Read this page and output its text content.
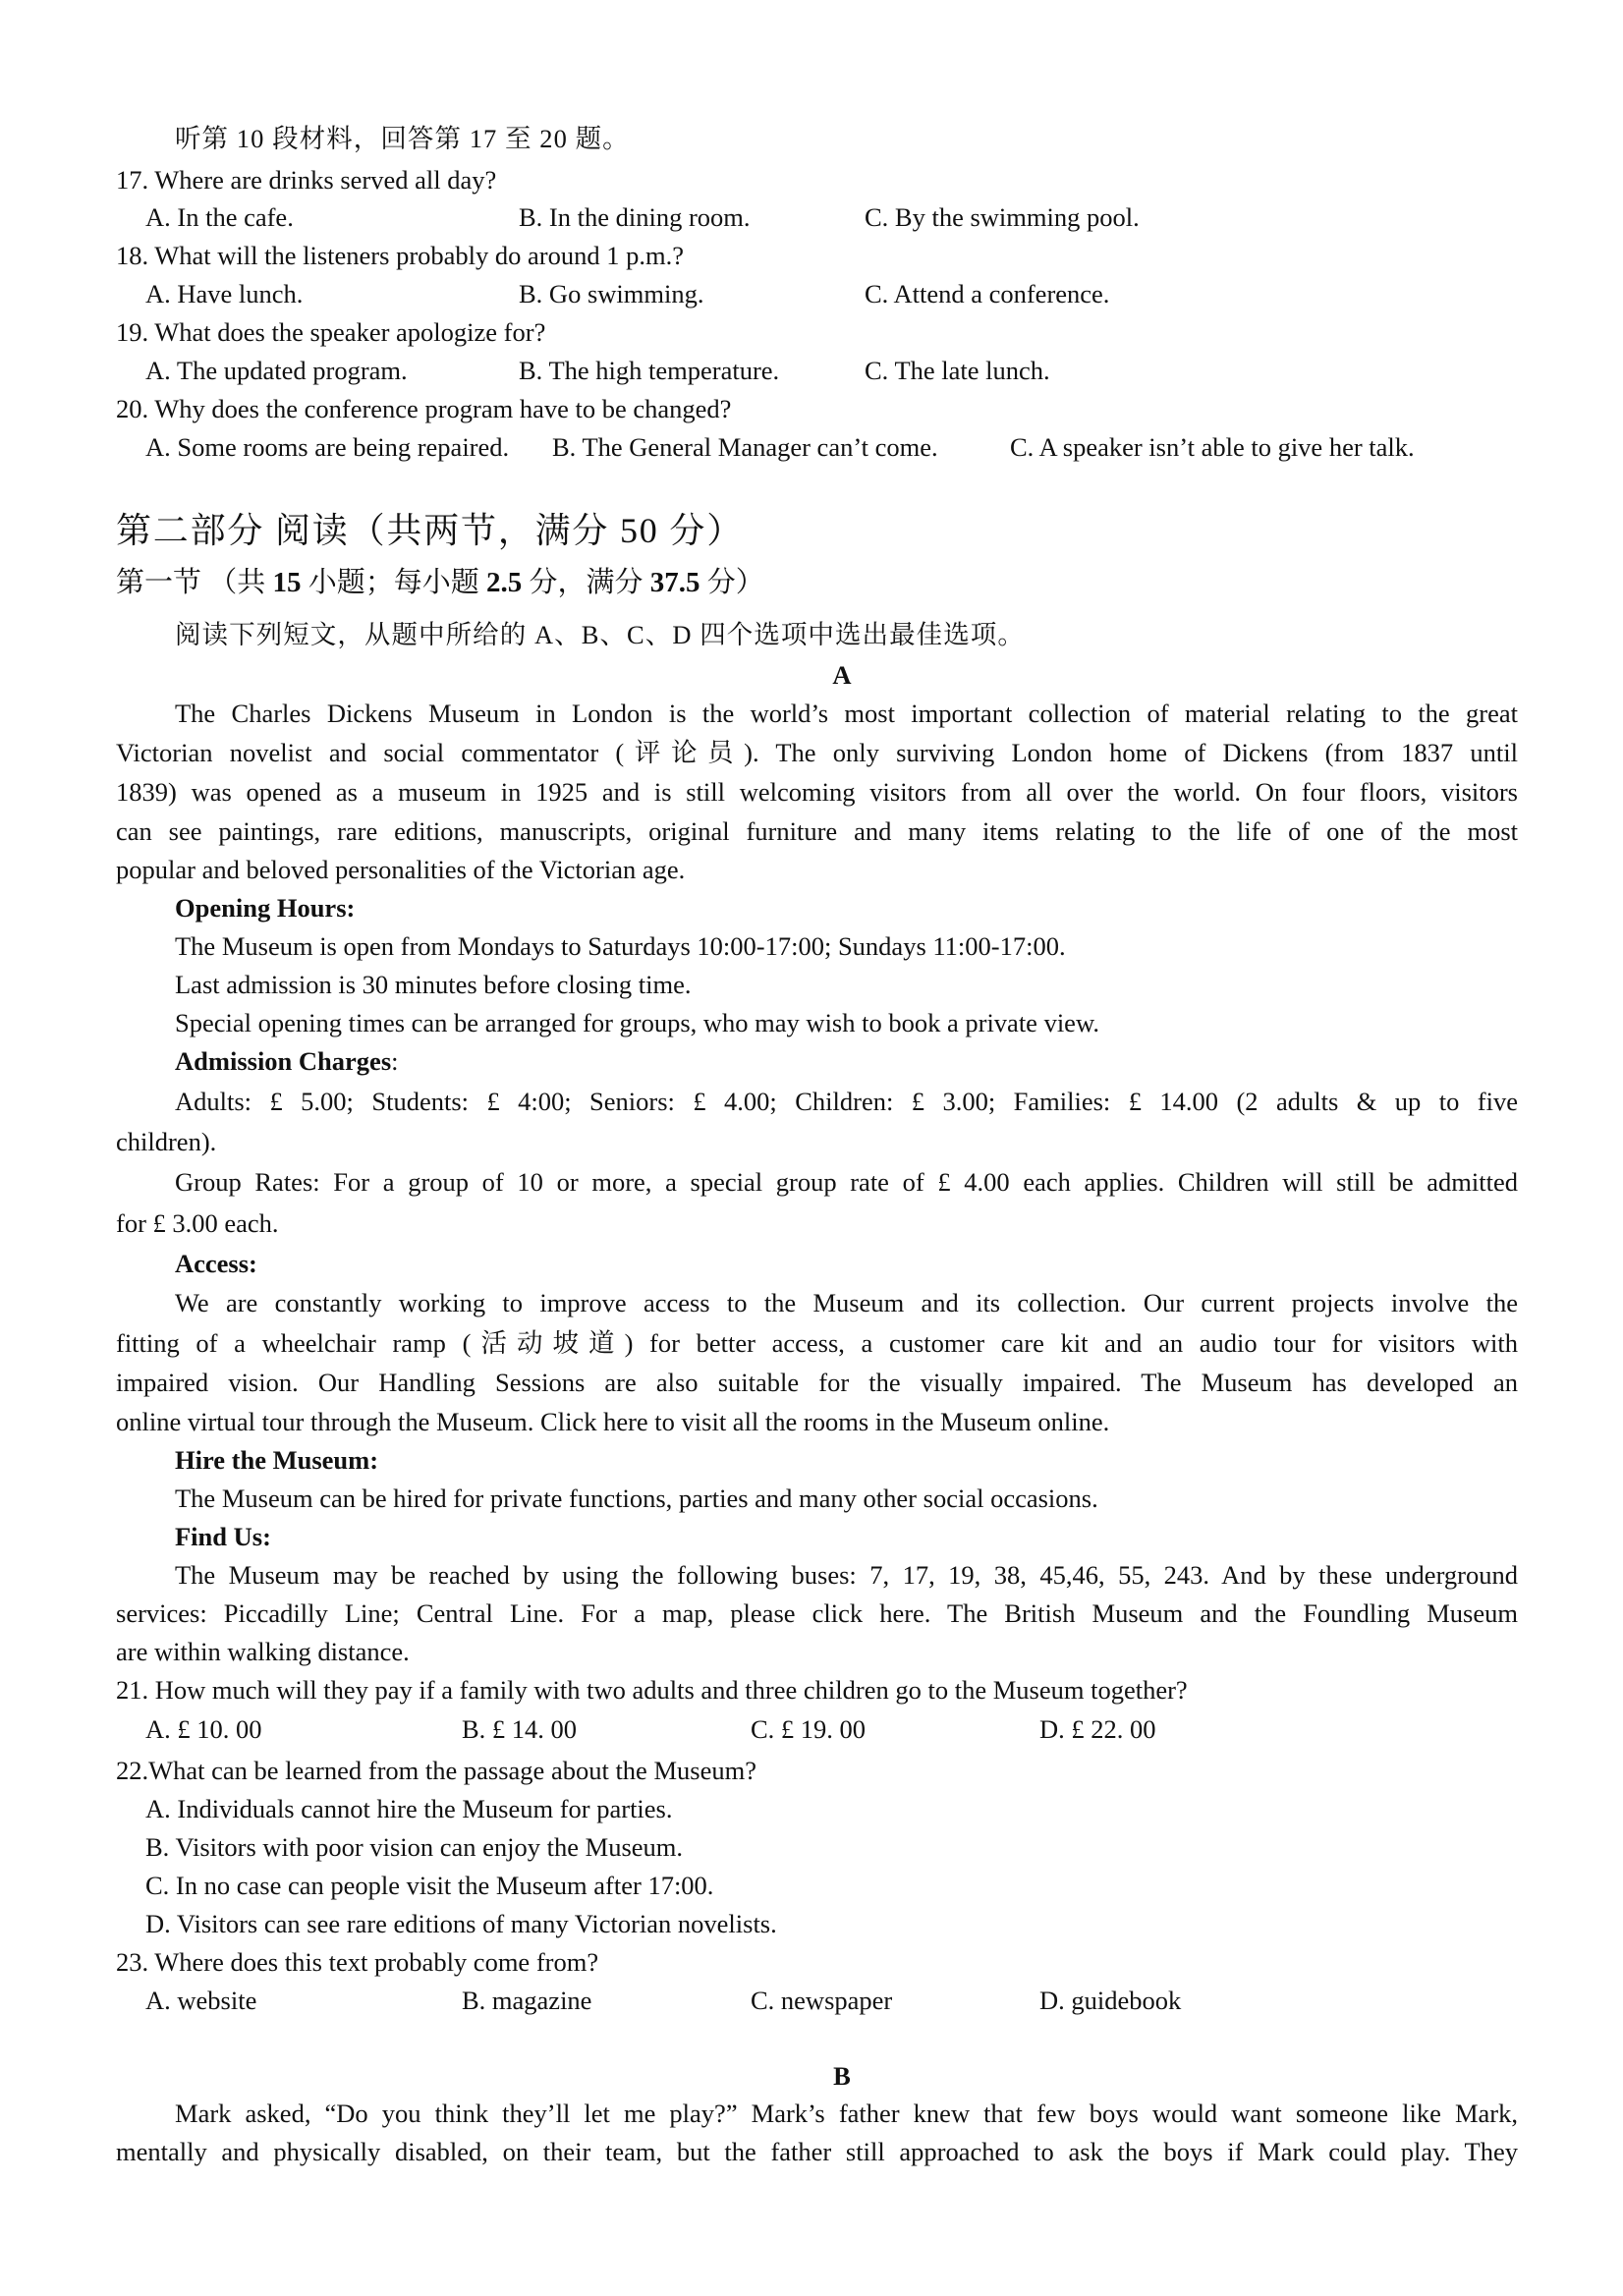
听第 10 段材料，回答第 17 至 20 题。
17. Where are drinks served all day?
A. In the cafe.	B. In the dining room.	C. By the swimming pool.
18. What will the listeners probably do around 1 p.m.?
A. Have lunch.	B. Go swimming.	C. Attend a conference.
19. What does the speaker apologize for?
A. The updated program.	B. The high temperature.	C. The late lunch.
20. Why does the conference program have to be changed?
A. Some rooms are being repaired. B. The General Manager can’t come.	C. A speaker isn’t able to give her talk.
第二部分 阅读（共两节，满分 50 分）
第一节 （共 15 小题；每小题 2.5 分，满分 37.5 分）
阅读下列短文，从题中所给的 A、B、C、D 四个选项中选出最佳选项。
A
The Charles Dickens Museum in London is the world’s most important collection of material relating to the great
Victorian novelist and social commentator (评论员). The only surviving London home of Dickens (from 1837 until
1839) was opened as a museum in 1925 and is still welcoming visitors from all over the world. On four floors, visitors
can see paintings, rare editions, manuscripts, original furniture and many items relating to the life of one of the most
popular and beloved personalities of the Victorian age.
Opening Hours:
The Museum is open from Mondays to Saturdays 10:00-17:00; Sundays 11:00-17:00.
Last admission is 30 minutes before closing time.
Special opening times can be arranged for groups, who may wish to book a private view.
Admission Charges:
Adults: £ 5.00; Students: £ 4:00; Seniors: £ 4.00; Children: £ 3.00; Families: £ 14.00 (2 adults & up to five
children).
Group Rates: For a group of 10 or more, a special group rate of £ 4.00 each applies. Children will still be admitted
for £ 3.00 each.
Access:
We are constantly working to improve access to the Museum and its collection. Our current projects involve the
fitting of a wheelchair ramp (活动坡道) for better access, a customer care kit and an audio tour for visitors with
impaired vision. Our Handling Sessions are also suitable for the visually impaired. The Museum has developed an
online virtual tour through the Museum. Click here to visit all the rooms in the Museum online.
Hire the Museum:
The Museum can be hired for private functions, parties and many other social occasions.
Find Us:
The Museum may be reached by using the following buses: 7, 17, 19, 38, 45,46, 55, 243. And by these underground
services: Piccadilly Line; Central Line. For a map, please click here. The British Museum and the Foundling Museum
are within walking distance.
21. How much will they pay if a family with two adults and three children go to the Museum together?
A. £ 10. 00	B. £ 14. 00	C. £ 19. 00	D. £ 22. 00
22.What can be learned from the passage about the Museum?
A. Individuals cannot hire the Museum for parties.
B. Visitors with poor vision can enjoy the Museum.
C. In no case can people visit the Museum after 17:00.
D. Visitors can see rare editions of many Victorian novelists.
23. Where does this text probably come from?
A. website	B. magazine	C. newspaper	D. guidebook
B
Mark asked, “Do you think they’ll let me play?” Mark’s father knew that few boys would want someone like Mark,
mentally and physically disabled, on their team, but the father still approached to ask the boys if Mark could play. They
